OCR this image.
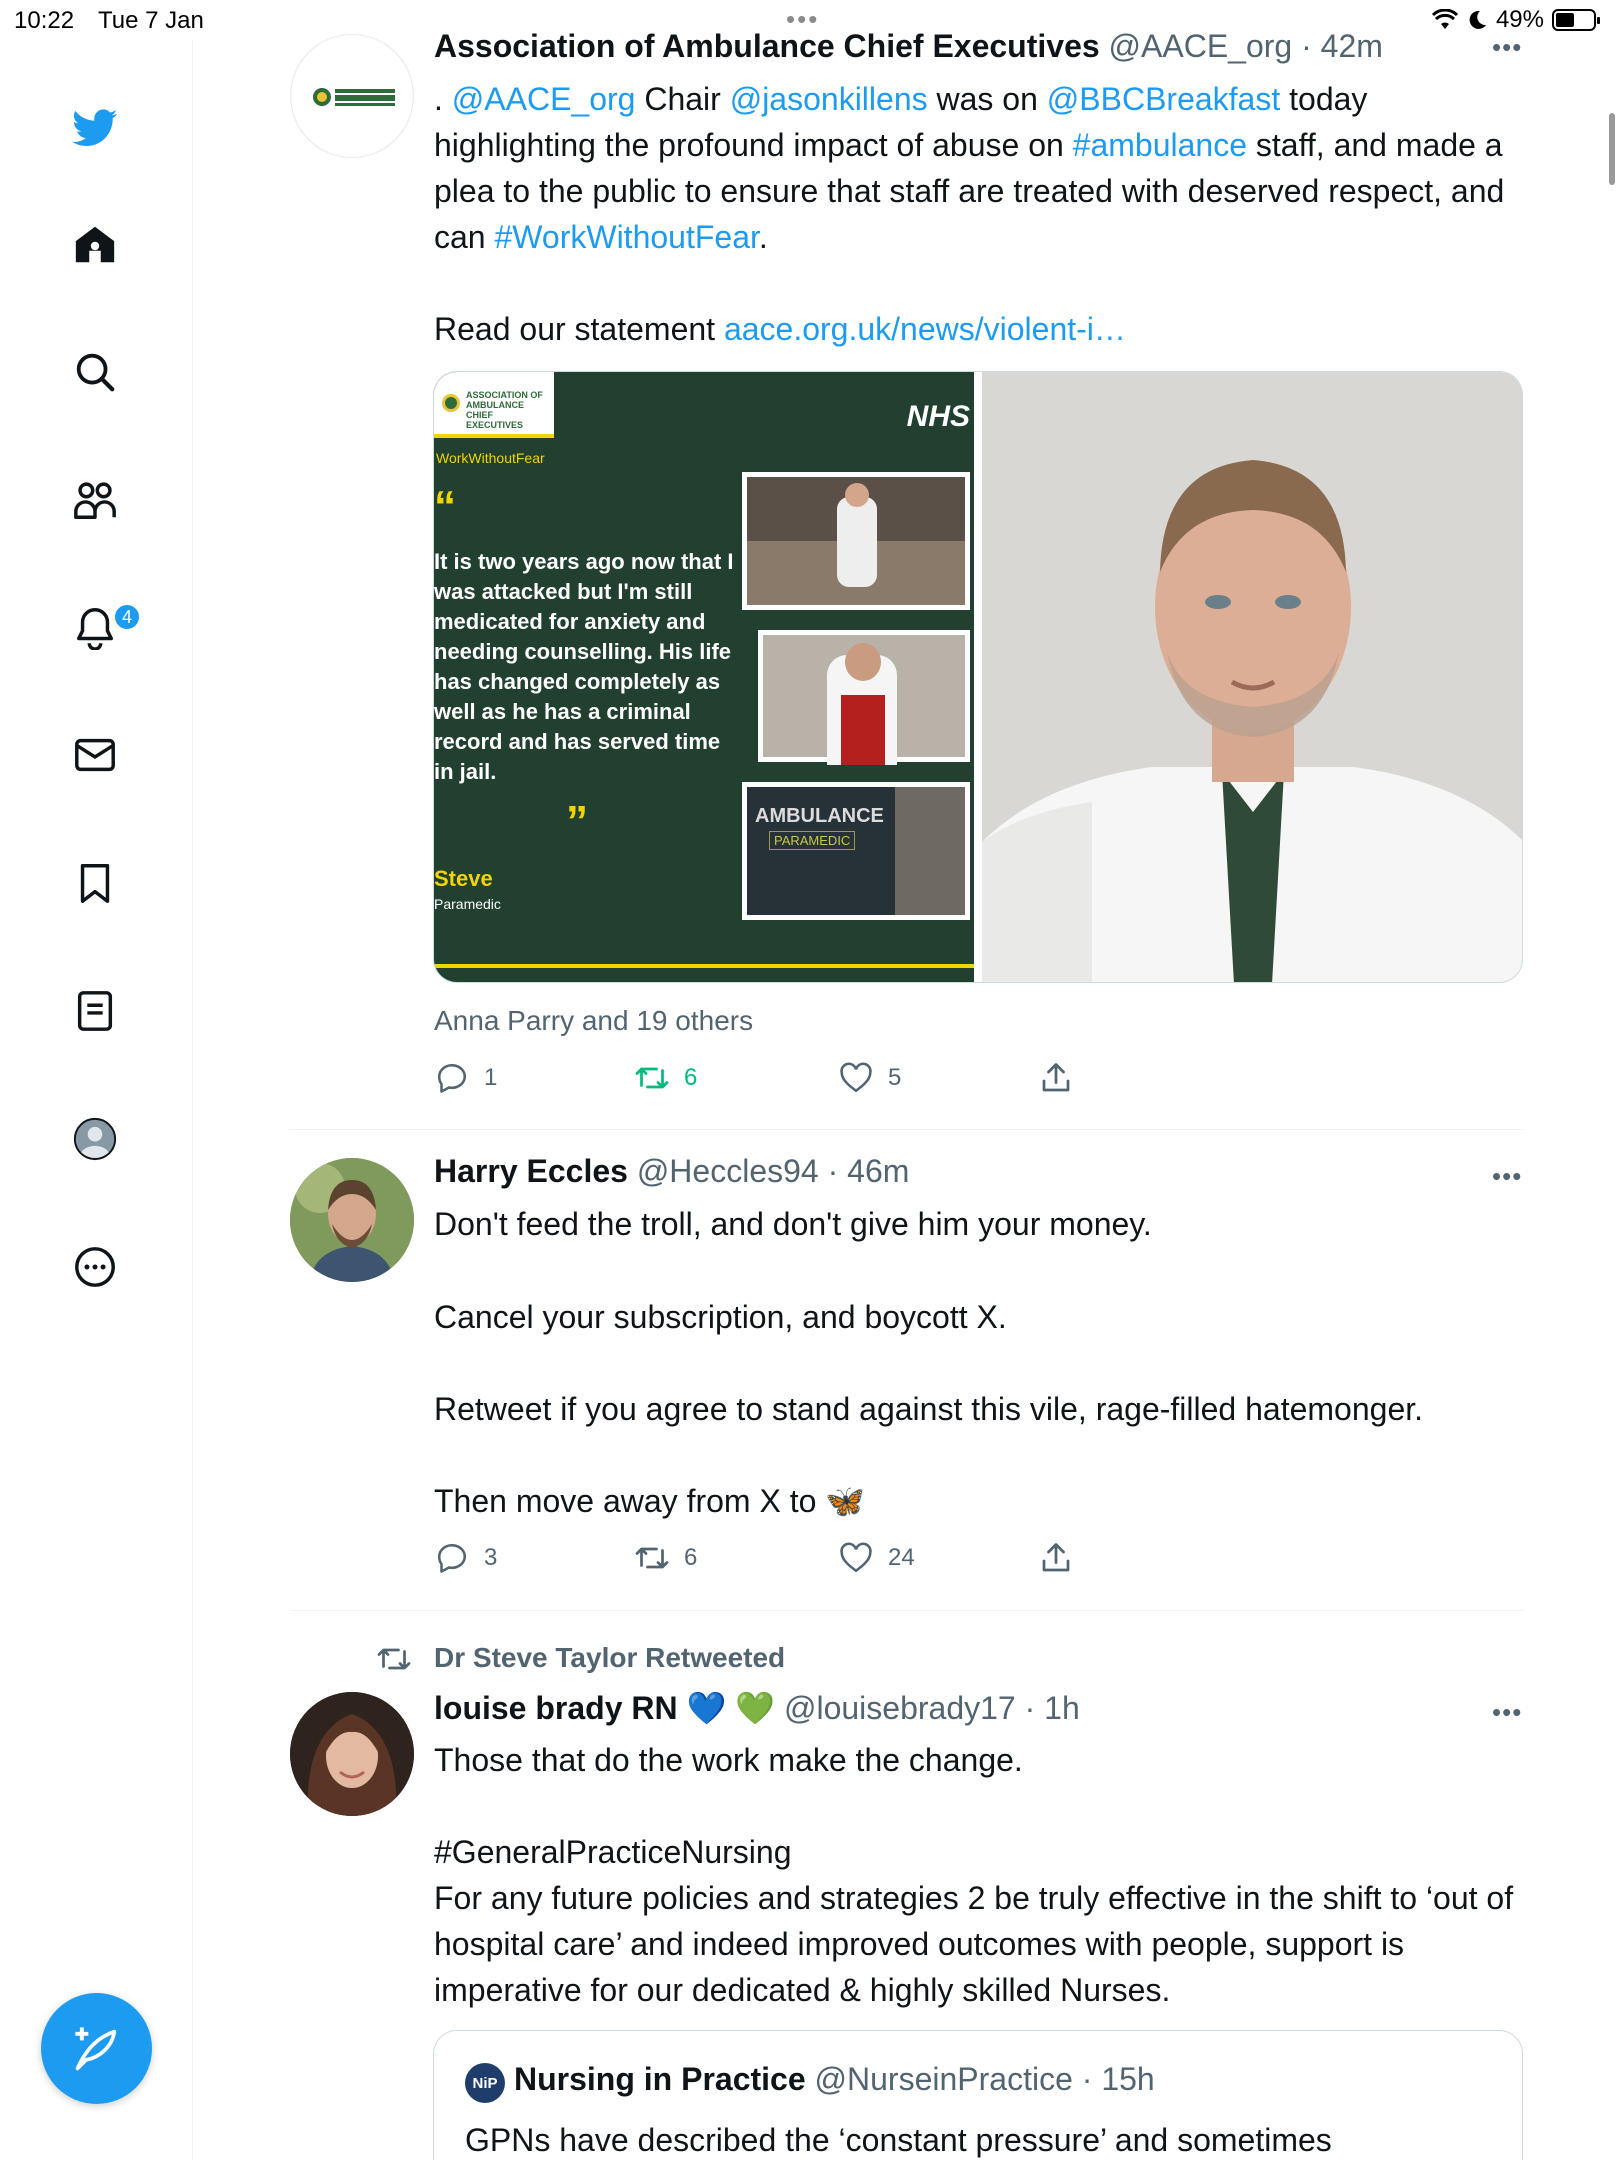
10:22 Tue 7 Jan	•••	49%
4
Association of Ambulance Chief Executives @AACE_org · 42m	•••
. @AACE_org Chair @jasonkillens was on @BBCBreakfast today highlighting the profound impact of abuse on #ambulance staff, and made a plea to the public to ensure that staff are treated with deserved respect, and can #WorkWithoutFear.
Read our statement aace.org.uk/news/violent-i…
ASSOCIATION OF AMBULANCE CHIEF EXECUTIVES	NHS
WorkWithoutFear
“
It is two years ago now that I was attacked but I'm still medicated for anxiety and needing counselling. His life has changed completely as well as he has a criminal record and has served time in jail.
”
Steve
Paramedic
AMBULANCE
PARAMEDIC
Anna Parry and 19 others
1	6	5
Harry Eccles @Heccles94 · 46m	•••
Don't feed the troll, and don't give him your money.
Cancel your subscription, and boycott X.
Retweet if you agree to stand against this vile, rage-filled hatemonger.
Then move away from X to 🦋
3	6	24
Dr Steve Taylor Retweeted
louise brady RN 💙 💚 @louisebrady17 · 1h	•••
Those that do the work make the change.
#GeneralPracticeNursing
For any future policies and strategies 2 be truly effective in the shift to ‘out of hospital care’ and indeed improved outcomes with people, support is imperative for our dedicated & highly skilled Nurses.
NiP Nursing in Practice @NurseinPractice · 15h
GPNs have described the ‘constant pressure’ and sometimes
